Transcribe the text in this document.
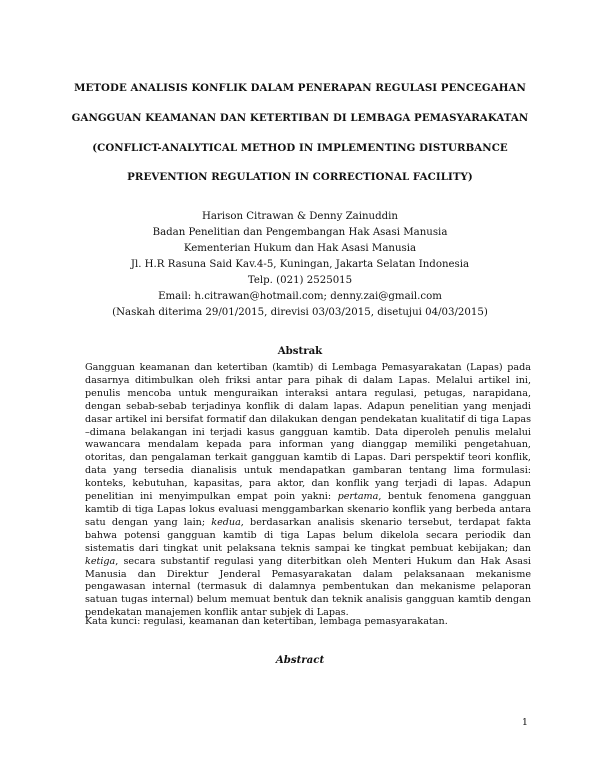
METODE ANALISIS KONFLIK DALAM PENERAPAN REGULASI PENCEGAHAN
GANGGUAN KEAMANAN DAN KETERTIBAN DI LEMBAGA PEMASYARAKATAN
(CONFLICT-ANALYTICAL METHOD IN IMPLEMENTING DISTURBANCE
PREVENTION REGULATION IN CORRECTIONAL FACILITY)
Harison Citrawan & Denny Zainuddin
Badan Penelitian dan Pengembangan Hak Asasi Manusia
Kementerian Hukum dan Hak Asasi Manusia
Jl. H.R Rasuna Said Kav.4-5, Kuningan, Jakarta Selatan Indonesia
Telp. (021) 2525015
Email: h.citrawan@hotmail.com; denny.zai@gmail.com
(Naskah diterima 29/01/2015, direvisi 03/03/2015, disetujui 04/03/2015)
Abstrak

Gangguan keamanan dan ketertiban (kamtib) di Lembaga Pemasyarakatan (Lapas) pada dasarnya ditimbulkan oleh friksi antar para pihak di dalam Lapas. Melalui artikel ini, penulis mencoba untuk menguraikan interaksi antara regulasi, petugas, narapidana, dengan sebab-sebab terjadinya konflik di dalam lapas. Adapun penelitian yang menjadi dasar artikel ini bersifat formatif dan dilakukan dengan pendekatan kualitatif di tiga Lapas –dimana belakangan ini terjadi kasus gangguan kamtib. Data diperoleh penulis melalui wawancara mendalam kepada para informan yang dianggap memiliki pengetahuan, otoritas, dan pengalaman terkait gangguan kamtib di Lapas. Dari perspektif teori konflik, data yang tersedia dianalisis untuk mendapatkan gambaran tentang lima formulasi: konteks, kebutuhan, kapasitas, para aktor, dan konflik yang terjadi di lapas. Adapun penelitian ini menyimpulkan empat poin yakni: pertama, bentuk fenomena gangguan kamtib di tiga Lapas lokus evaluasi menggambarkan skenario konflik yang berbeda antara satu dengan yang lain; kedua, berdasarkan analisis skenario tersebut, terdapat fakta bahwa potensi gangguan kamtib di tiga Lapas belum dikelola secara periodik dan sistematis dari tingkat unit pelaksana teknis sampai ke tingkat pembuat kebijakan; dan ketiga, secara substantif regulasi yang diterbitkan oleh Menteri Hukum dan Hak Asasi Manusia dan Direktur Jenderal Pemasyarakatan dalam pelaksanaan mekanisme pengawasan internal (termasuk di dalamnya pembentukan dan mekanisme pelaporan satuan tugas internal) belum memuat bentuk dan teknik analisis gangguan kamtib dengan pendekatan manajemen konflik antar subjek di Lapas.

Kata kunci: regulasi, keamanan dan ketertiban, lembaga pemasyarakatan.
Abstract
1
